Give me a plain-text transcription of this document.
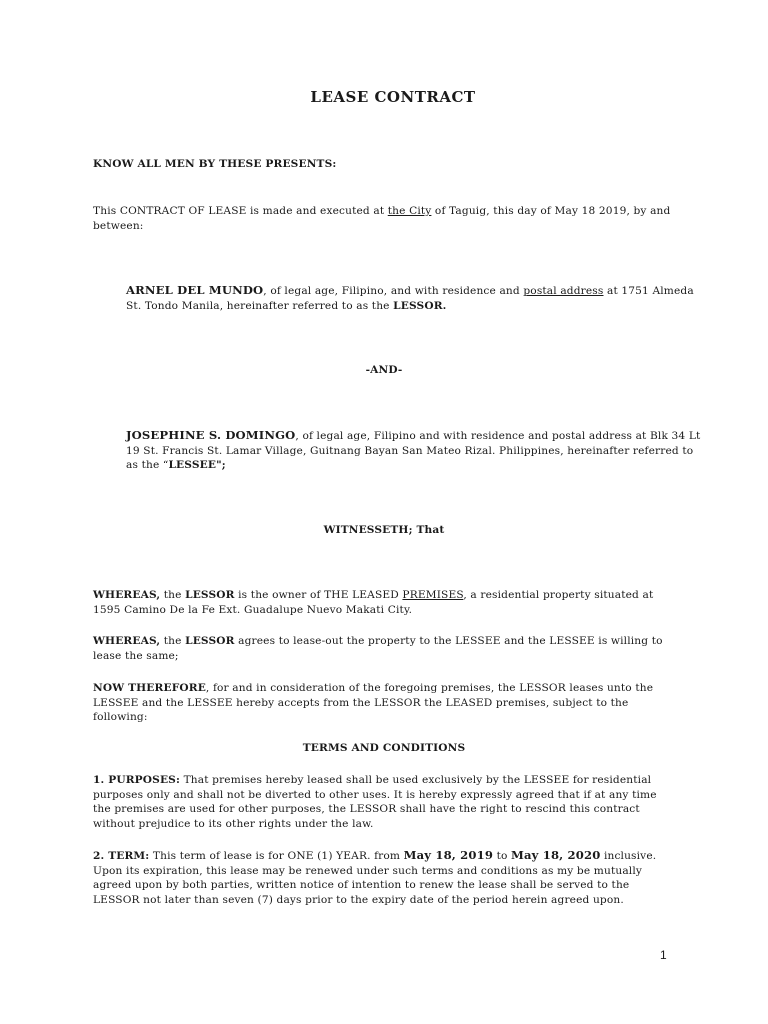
LEASE CONTRACT
KNOW ALL MEN BY THESE PRESENTS:
This CONTRACT OF LEASE is made and executed at the City of Taguig, this day of May 18 2019, by and between:
ARNEL DEL MUNDO, of legal age, Filipino, and with residence and postal address at 1751 Almeda St. Tondo Manila, hereinafter referred to as the LESSOR.
-AND-
JOSEPHINE S. DOMINGO, of legal age, Filipino and with residence and postal address at Blk 34 Lt 19 St. Francis St. Lamar Village, Guitnang Bayan San Mateo Rizal. Philippines, hereinafter referred to as the “LESSEE";
WITNESSETH; That
WHEREAS, the LESSOR is the owner of THE LEASED PREMISES, a residential property situated at 1595 Camino De la Fe Ext. Guadalupe Nuevo Makati City.
WHEREAS, the LESSOR agrees to lease-out the property to the LESSEE and the LESSEE is willing to lease the same;
NOW THEREFORE, for and in consideration of the foregoing premises, the LESSOR leases unto the LESSEE and the LESSEE hereby accepts from the LESSOR the LEASED premises, subject to the following:
TERMS AND CONDITIONS
1. PURPOSES: That premises hereby leased shall be used exclusively by the LESSEE for residential purposes only and shall not be diverted to other uses. It is hereby expressly agreed that if at any time the premises are used for other purposes, the LESSOR shall have the right to rescind this contract without prejudice to its other rights under the law.
2. TERM: This term of lease is for ONE (1) YEAR. from May 18, 2019 to May 18, 2020 inclusive. Upon its expiration, this lease may be renewed under such terms and conditions as my be mutually agreed upon by both parties, written notice of intention to renew the lease shall be served to the LESSOR not later than seven (7) days prior to the expiry date of the period herein agreed upon.
1
